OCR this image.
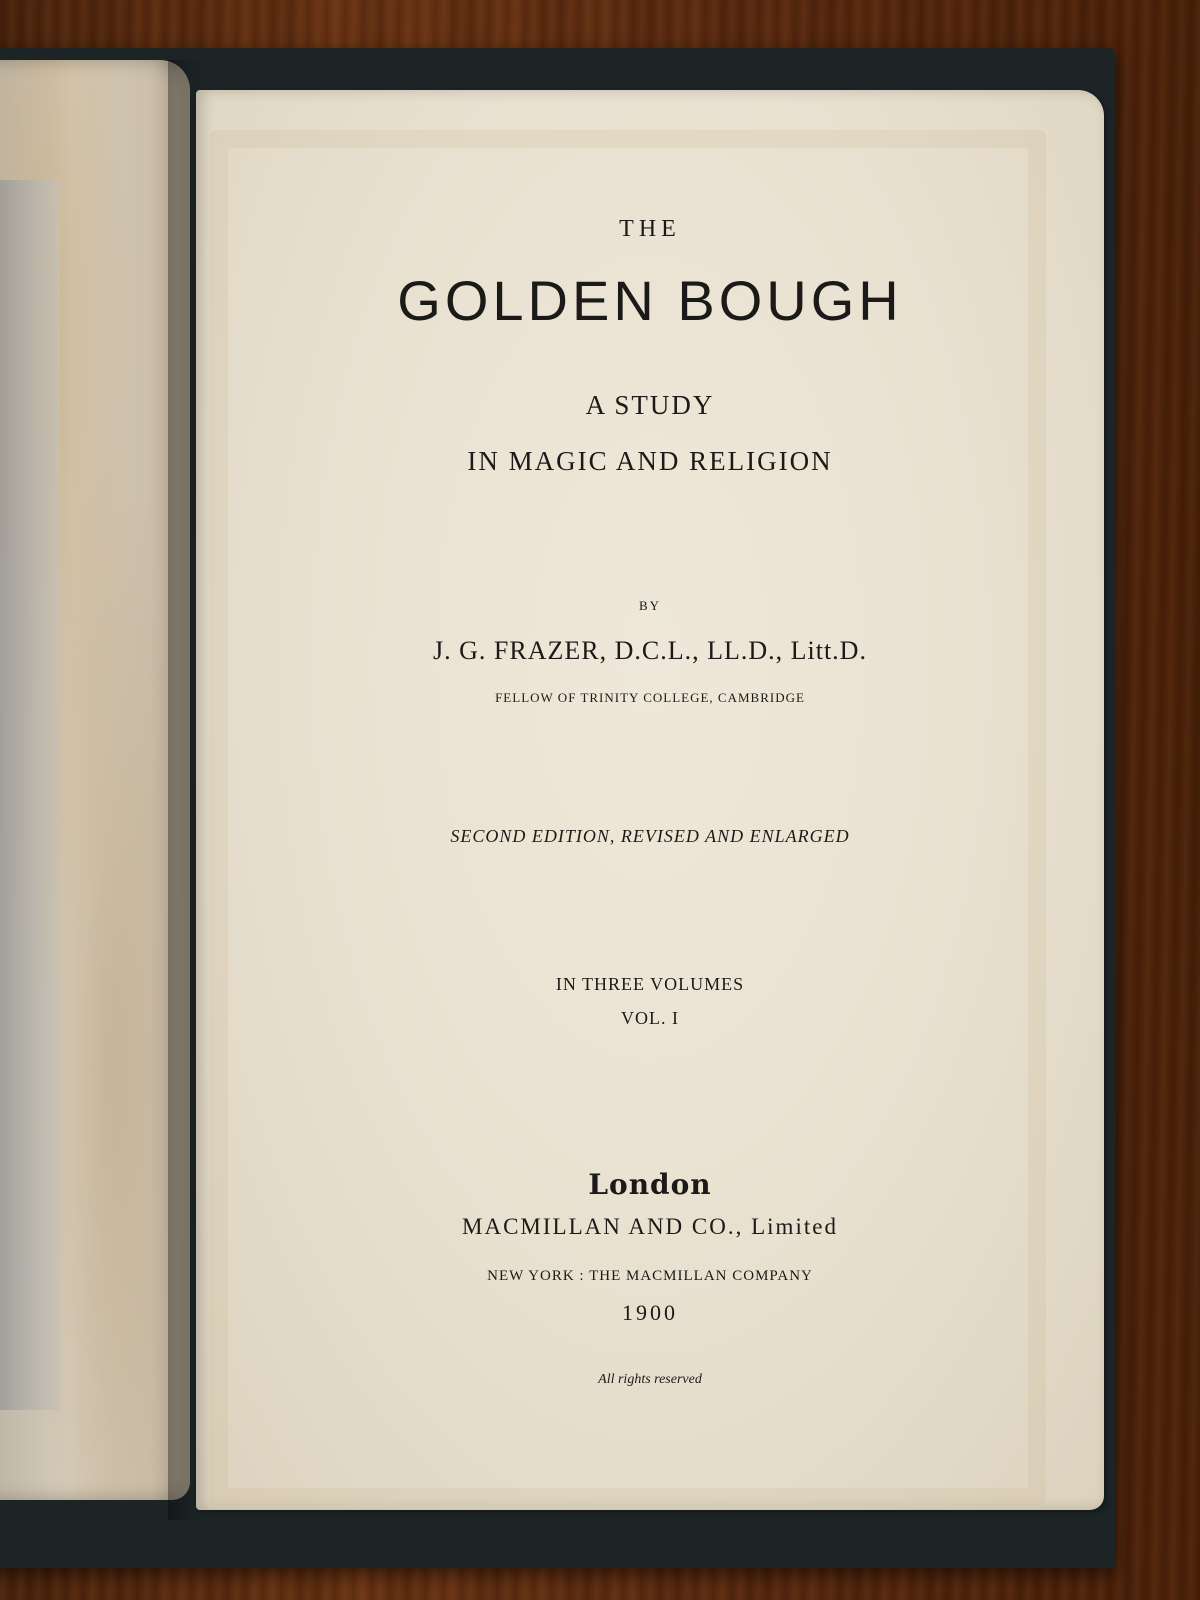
THE
GOLDEN BOUGH
A STUDY
IN MAGIC AND RELIGION
BY
J. G. FRAZER, D.C.L., LL.D., Litt.D.
FELLOW OF TRINITY COLLEGE, CAMBRIDGE
SECOND EDITION, REVISED AND ENLARGED
IN THREE VOLUMES
VOL. I
London
MACMILLAN AND CO., Limited
NEW YORK : THE MACMILLAN COMPANY
1900
All rights reserved
